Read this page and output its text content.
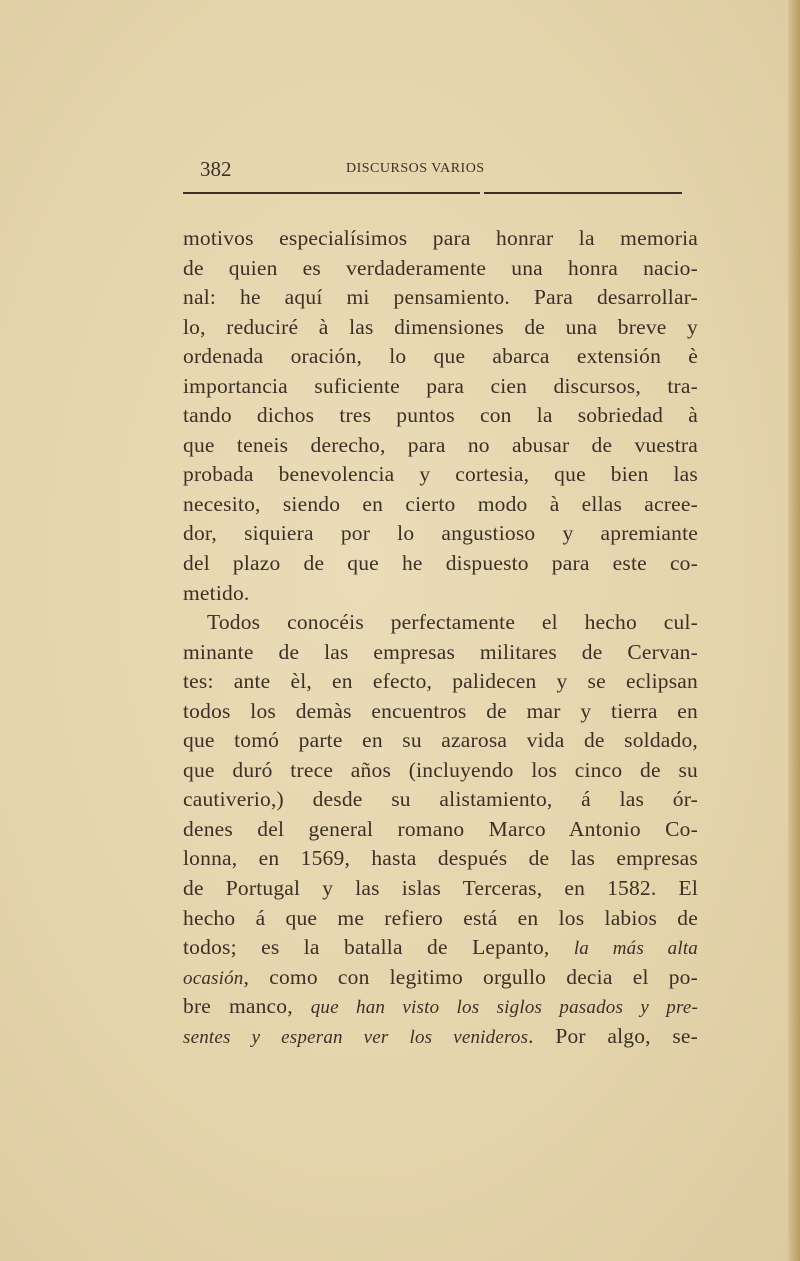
382	DISCURSOS VARIOS
motivos especialísimos para honrar la memoria
de quien es verdaderamente una honra nacio-
nal: he aquí mi pensamiento. Para desarrollar-
lo, reduciré à las dimensiones de una breve y
ordenada oración, lo que abarca extensión è
importancia suficiente para cien discursos, tra-
tando dichos tres puntos con la sobriedad à
que teneis derecho, para no abusar de vuestra
probada benevolencia y cortesia, que bien las
necesito, siendo en cierto modo à ellas acree-
dor, siquiera por lo angustioso y apremiante
del plazo de que he dispuesto para este co-
metido.
Todos conocéis perfectamente el hecho cul-
minante de las empresas militares de Cervan-
tes: ante èl, en efecto, palidecen y se eclipsan
todos los demàs encuentros de mar y tierra en
que tomó parte en su azarosa vida de soldado,
que duró trece años (incluyendo los cinco de su
cautiverio,) desde su alistamiento, á las ór-
denes del general romano Marco Antonio Co-
lonna, en 1569, hasta después de las empresas
de Portugal y las islas Terceras, en 1582. El
hecho á que me refiero está en los labios de
todos; es la batalla de Lepanto, la más alta
ocasión, como con legitimo orgullo decia el po-
bre manco, que han visto los siglos pasados y pre-
sentes y esperan ver los venideros. Por algo, se-
